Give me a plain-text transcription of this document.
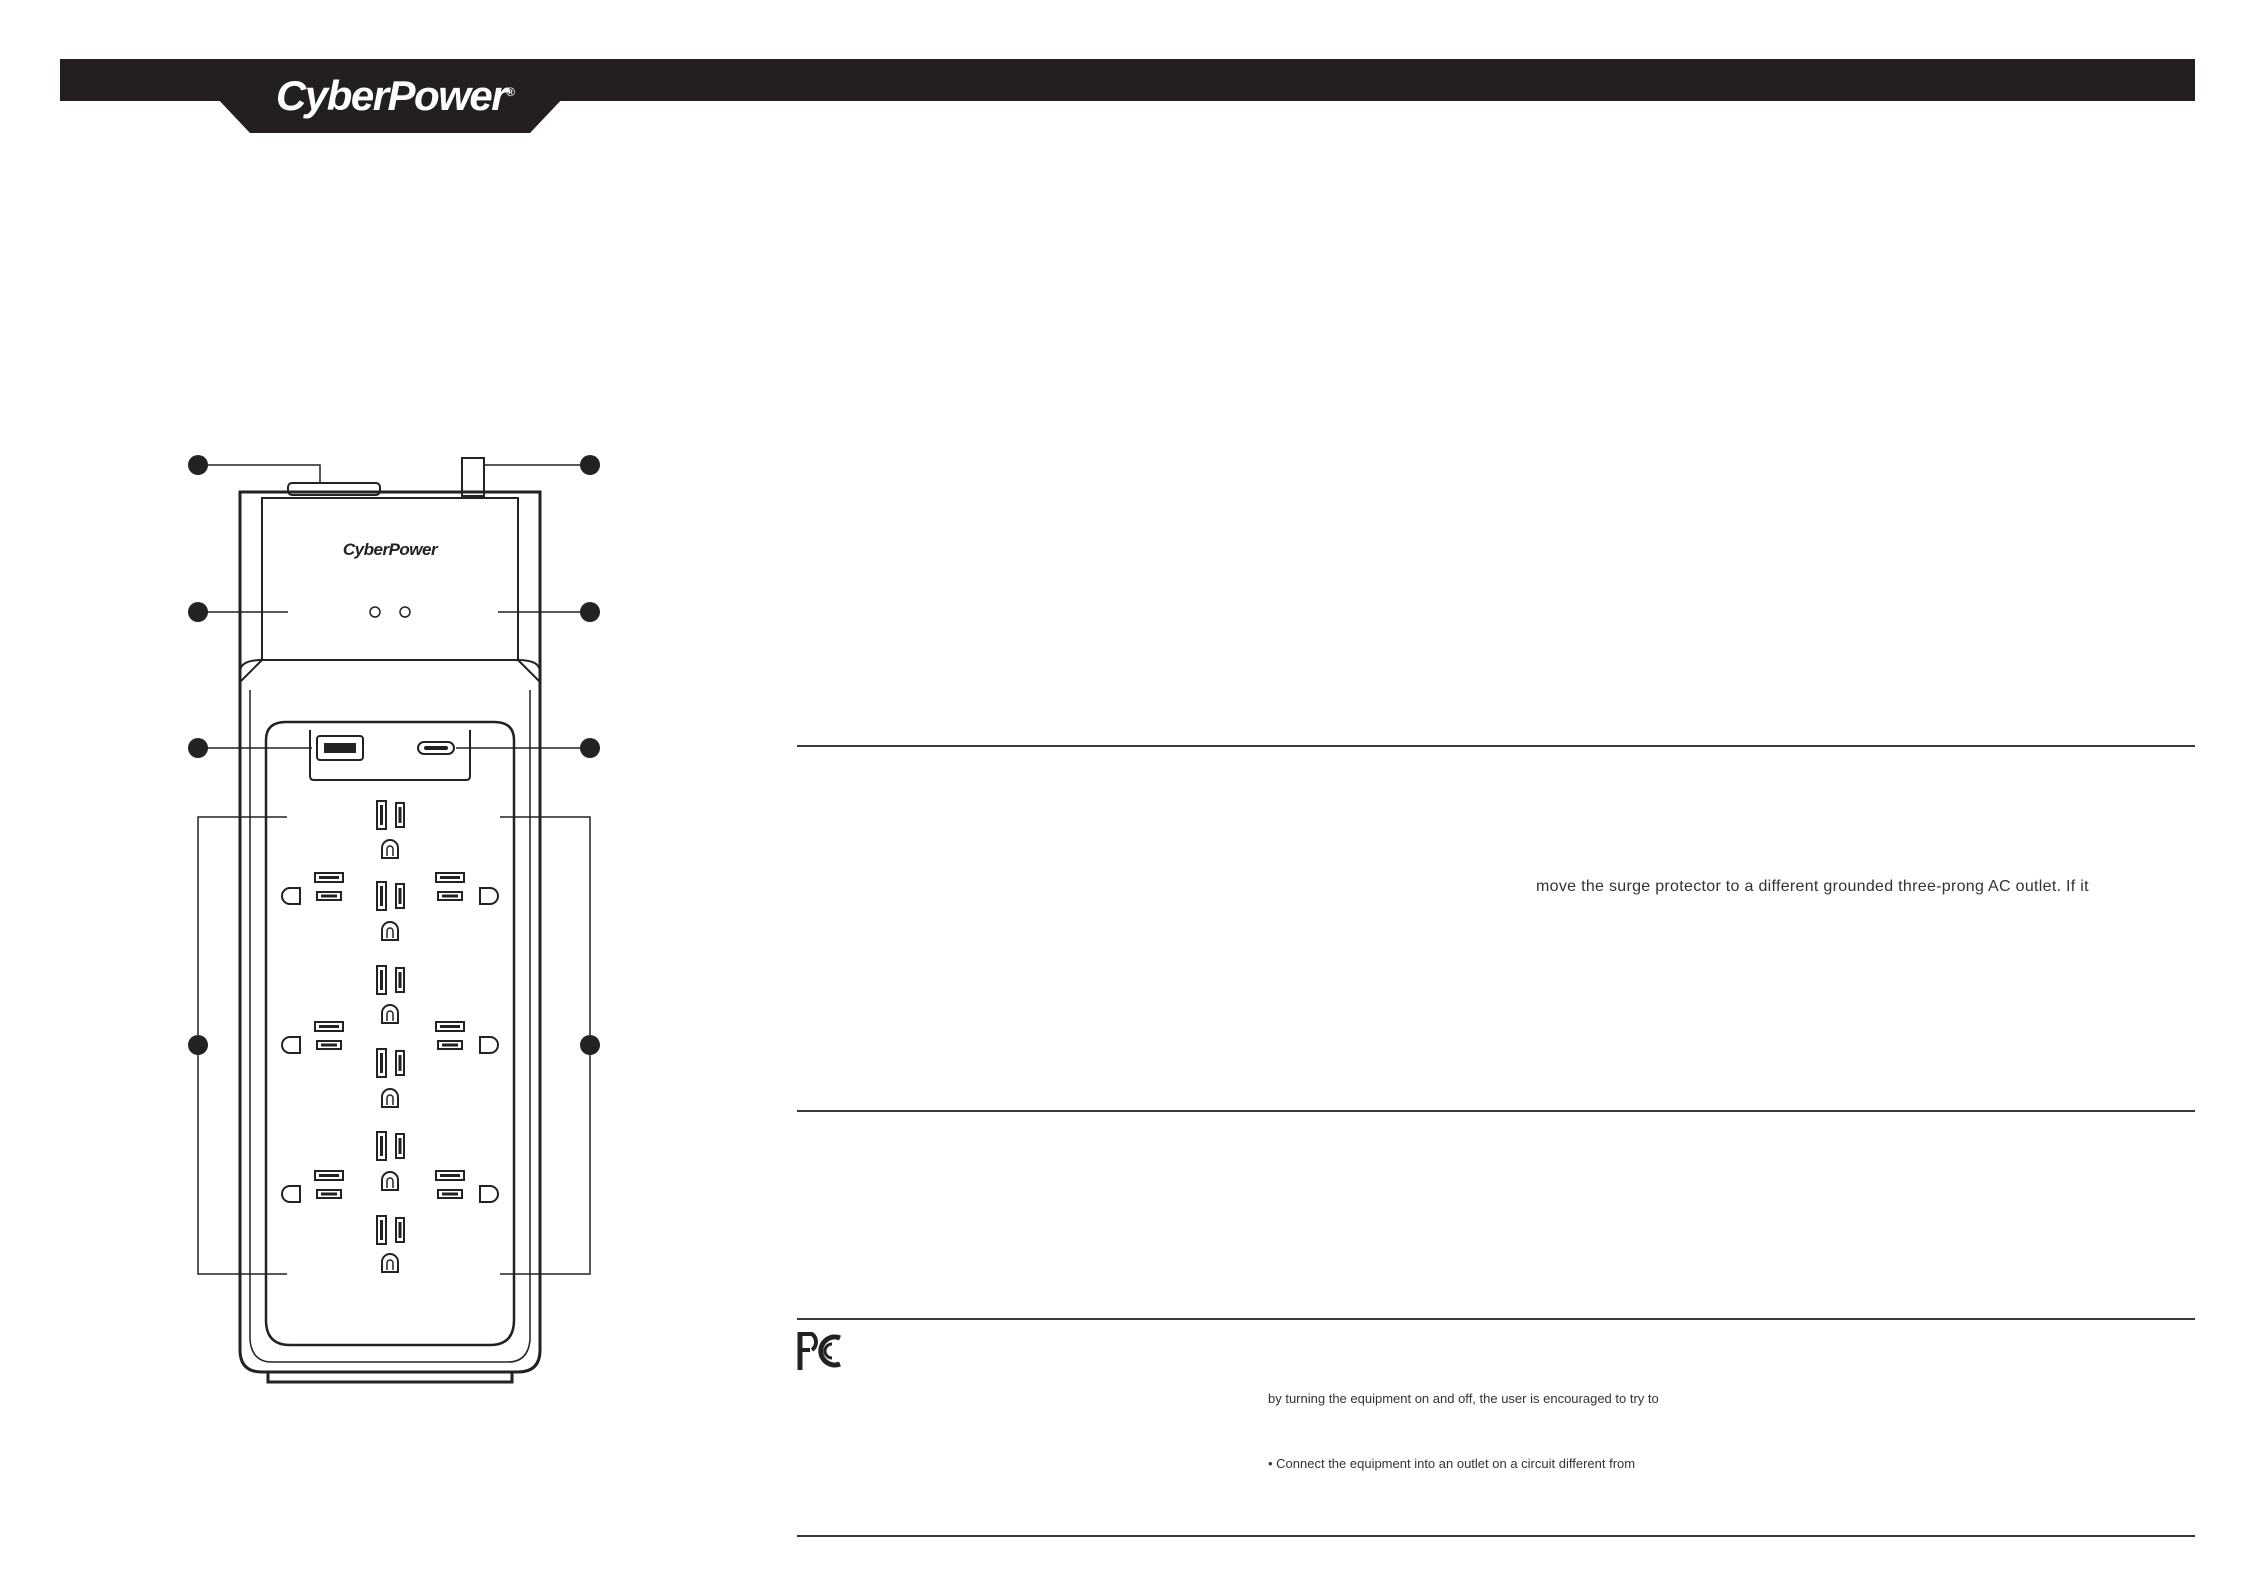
CyberPower®
CyberPower
move the surge protector to a different grounded three-prong AC outlet. If it
by turning the equipment on and off, the user is encouraged to try to
• Connect the equipment into an outlet on a circuit different from
